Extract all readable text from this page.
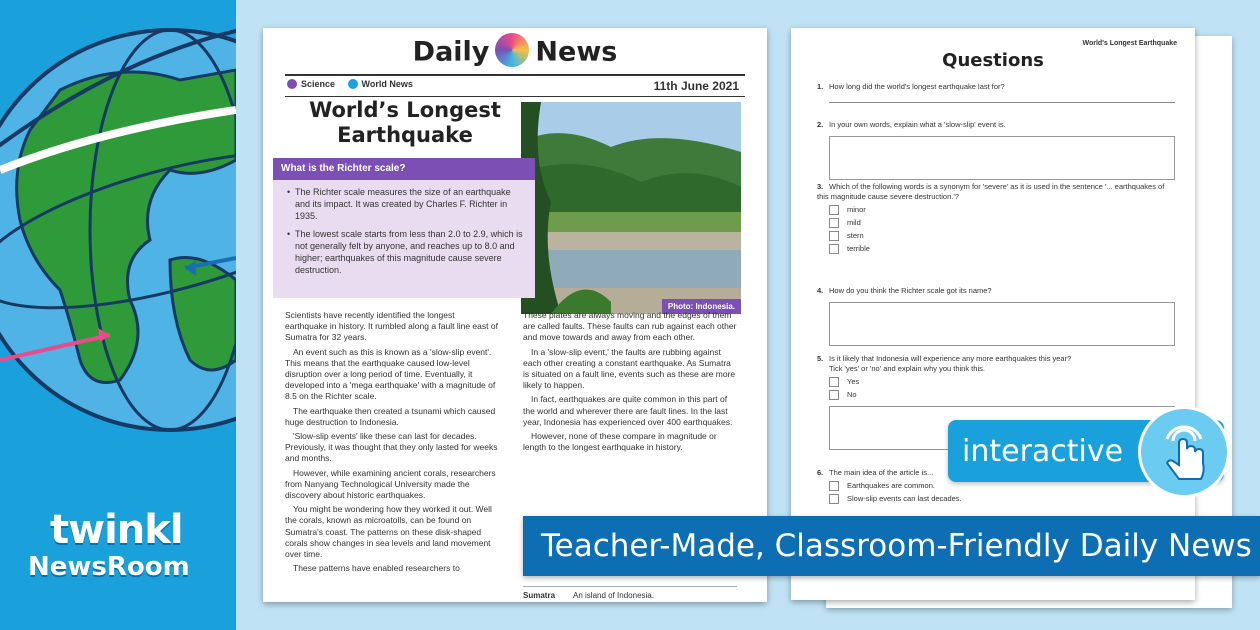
twinkl
NewsRoom
Daily News
Science
	World News	11th June 2021
World’s Longest Earthquake
Photo: Indonesia.
What is the Richter scale?
• The Richter scale measures the size of an earthquake and its impact. It was created by Charles F. Richter in 1935.
• The lowest scale starts from less than 2.0 to 2.9, which is not generally felt by anyone, and reaches up to 8.0 and higher; earthquakes of this magnitude cause severe destruction.

Scientists have recently identified the longest earthquake in history. It rumbled along a fault line east of Sumatra for 32 years.

An event such as this is known as a 'slow-slip event'. This means that the earthquake caused low-level disruption over a long period of time. Eventually, it developed into a 'mega earthquake' with a magnitude of 8.5 on the Richter scale.

The earthquake then created a tsunami which caused huge destruction to Indonesia.

'Slow-slip events' like these can last for decades. Previously, it was thought that they only lasted for weeks and months.

However, while examining ancient corals, researchers from Nanyang Technological University made the discovery about historic earthquakes.

You might be wondering how they worked it out. Well the corals, known as microatolls, can be found on Sumatra's coast. The patterns on these disk-shaped corals show changes in sea levels and land movement over time.

These patterns have enabled researchers to

These plates are always moving and the edges of them are called faults. These faults can rub against each other and move towards and away from each other.

In a 'slow-slip event,' the faults are rubbing against each other creating a constant earthquake. As Sumatra is situated on a fault line, events such as these are more likely to happen.

In fact, earthquakes are quite common in this part of the world and wherever there are fault lines. In the last year, Indonesia has experienced over 400 earthquakes.

However, none of these compare in magnitude or length to the longest earthquake in history.

Sumatra An island of Indonesia.
World's Longest Earthquake
Questions
1. How long did the world's longest earthquake last for?
2. In your own words, explain what a 'slow-slip' event is.
3. Which of the following words is a synonym for 'severe' as it is used in the sentence '... earthquakes of this magnitude cause severe destruction.'?
minor
mild
stern
terrible
4. How do you think the Richter scale got its name?
5. Is it likely that Indonesia will experience any more earthquakes this year?
Tick 'yes' or 'no' and explain why you think this.
Yes
No
6. The main idea of the article is...
Earthquakes are common.
Slow-slip events can last decades.
interactive
Teacher-Made, Classroom-Friendly Daily News
